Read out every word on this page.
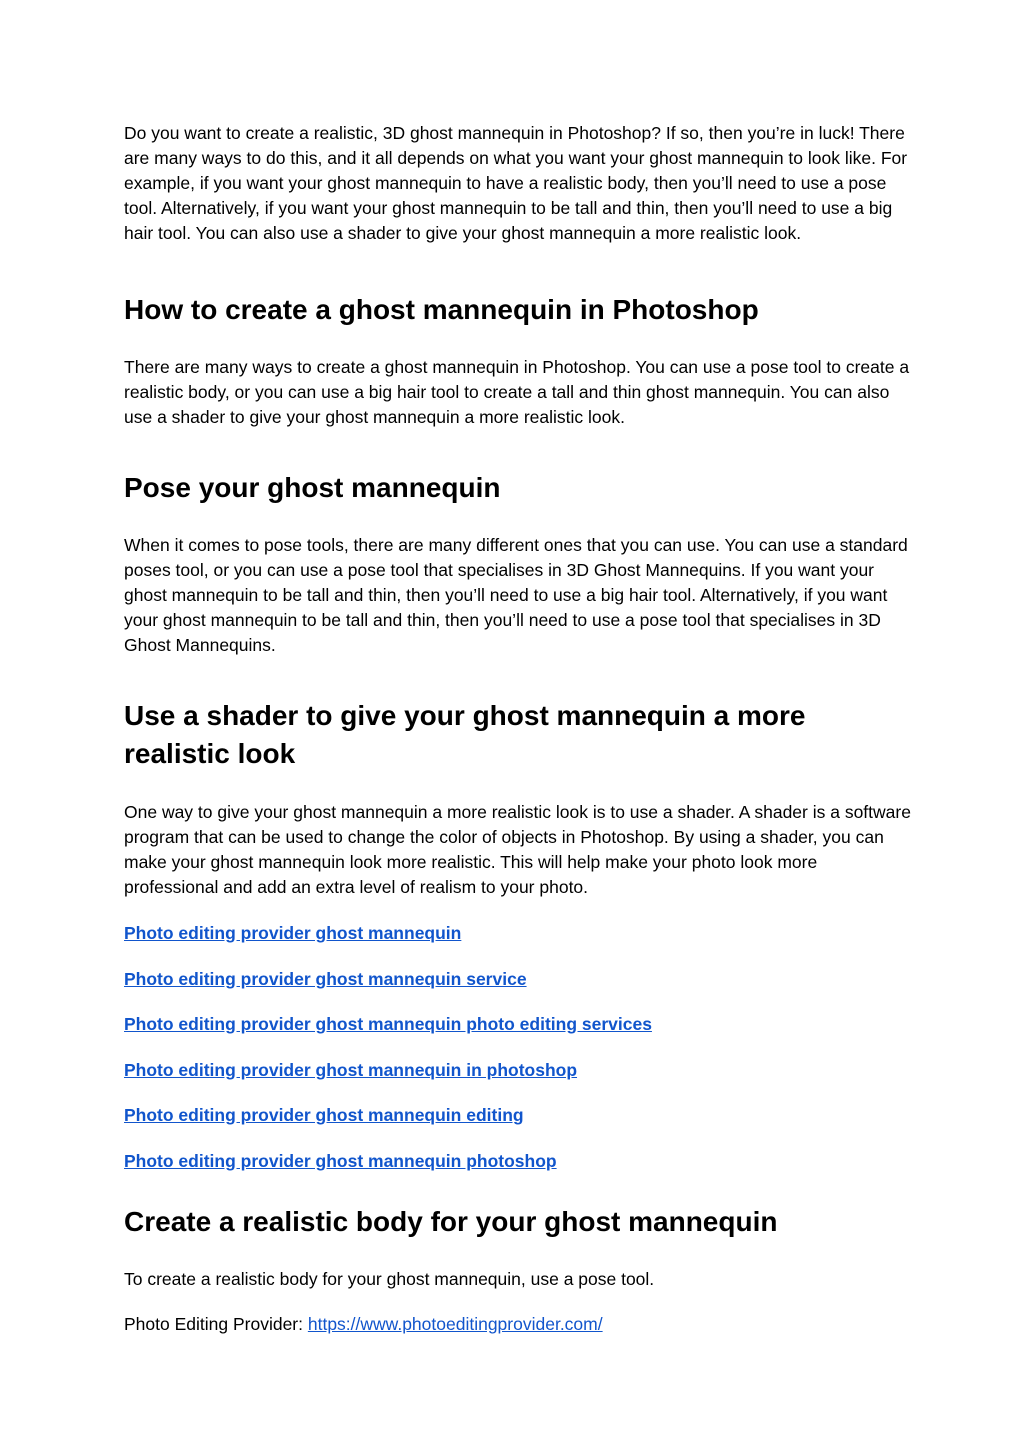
Do you want to create a realistic, 3D ghost mannequin in Photoshop? If so, then you’re in luck! There are many ways to do this, and it all depends on what you want your ghost mannequin to look like. For example, if you want your ghost mannequin to have a realistic body, then you’ll need to use a pose tool. Alternatively, if you want your ghost mannequin to be tall and thin, then you’ll need to use a big hair tool. You can also use a shader to give your ghost mannequin a more realistic look.

How to create a ghost mannequin in Photoshop

There are many ways to create a ghost mannequin in Photoshop. You can use a pose tool to create a realistic body, or you can use a big hair tool to create a tall and thin ghost mannequin. You can also use a shader to give your ghost mannequin a more realistic look.

Pose your ghost mannequin

When it comes to pose tools, there are many different ones that you can use. You can use a standard poses tool, or you can use a pose tool that specialises in 3D Ghost Mannequins. If you want your ghost mannequin to be tall and thin, then you’ll need to use a big hair tool. Alternatively, if you want your ghost mannequin to be tall and thin, then you’ll need to use a pose tool that specialises in 3D Ghost Mannequins.

Use a shader to give your ghost mannequin a more realistic look

One way to give your ghost mannequin a more realistic look is to use a shader. A shader is a software program that can be used to change the color of objects in Photoshop. By using a shader, you can make your ghost mannequin look more realistic. This will help make your photo look more professional and add an extra level of realism to your photo.

Photo editing provider ghost mannequin
Photo editing provider ghost mannequin service
Photo editing provider ghost mannequin photo editing services
Photo editing provider ghost mannequin in photoshop
Photo editing provider ghost mannequin editing
Photo editing provider ghost mannequin photoshop
Create a realistic body for your ghost mannequin

To create a realistic body for your ghost mannequin, use a pose tool.

Photo Editing Provider: https://www.photoeditingprovider.com/
